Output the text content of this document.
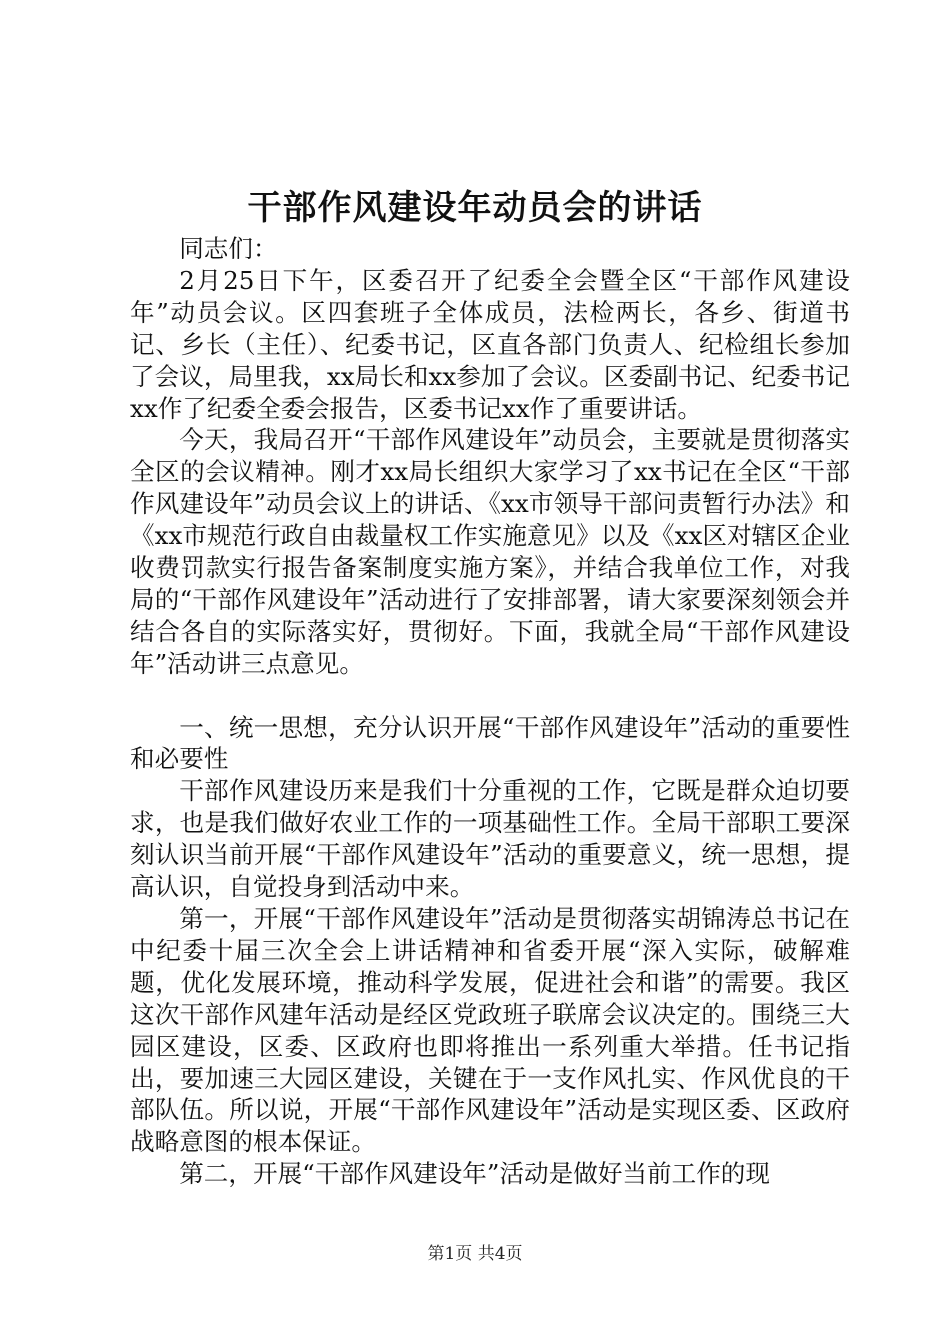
干部作风建设年动员会的讲话

同志们：

2月25日下午，区委召开了纪委全会暨全区“干部作风建设年”动员会议。区四套班子全体成员，法检两长，各乡、街道书记、乡长（主任）、纪委书记，区直各部门负责人、纪检组长参加了会议，局里我，xx局长和xx参加了会议。区委副书记、纪委书记xx作了纪委全委会报告，区委书记xx作了重要讲话。

今天，我局召开“干部作风建设年”动员会，主要就是贯彻落实全区的会议精神。刚才xx局长组织大家学习了xx书记在全区“干部作风建设年”动员会议上的讲话、《xx市领导干部问责暂行办法》和《xx市规范行政自由裁量权工作实施意见》以及《xx区对辖区企业收费罚款实行报告备案制度实施方案》，并结合我单位工作，对我局的“干部作风建设年”活动进行了安排部署，请大家要深刻领会并结合各自的实际落实好，贯彻好。下面，我就全局“干部作风建设年”活动讲三点意见。

一、统一思想，充分认识开展“干部作风建设年”活动的重要性和必要性

干部作风建设历来是我们十分重视的工作，它既是群众迫切要求，也是我们做好农业工作的一项基础性工作。全局干部职工要深刻认识当前开展“干部作风建设年”活动的重要意义，统一思想，提高认识，自觉投身到活动中来。

第一，开展“干部作风建设年”活动是贯彻落实胡锦涛总书记在中纪委十届三次全会上讲话精神和省委开展“深入实际，破解难题，优化发展环境，推动科学发展，促进社会和谐”的需要。我区这次干部作风建年活动是经区党政班子联席会议决定的。围绕三大园区建设，区委、区政府也即将推出一系列重大举措。任书记指出，要加速三大园区建设，关键在于一支作风扎实、作风优良的干部队伍。所以说，开展“干部作风建设年”活动是实现区委、区政府战略意图的根本保证。

第二，开展“干部作风建设年”活动是做好当前工作的现

第1页 共4页
